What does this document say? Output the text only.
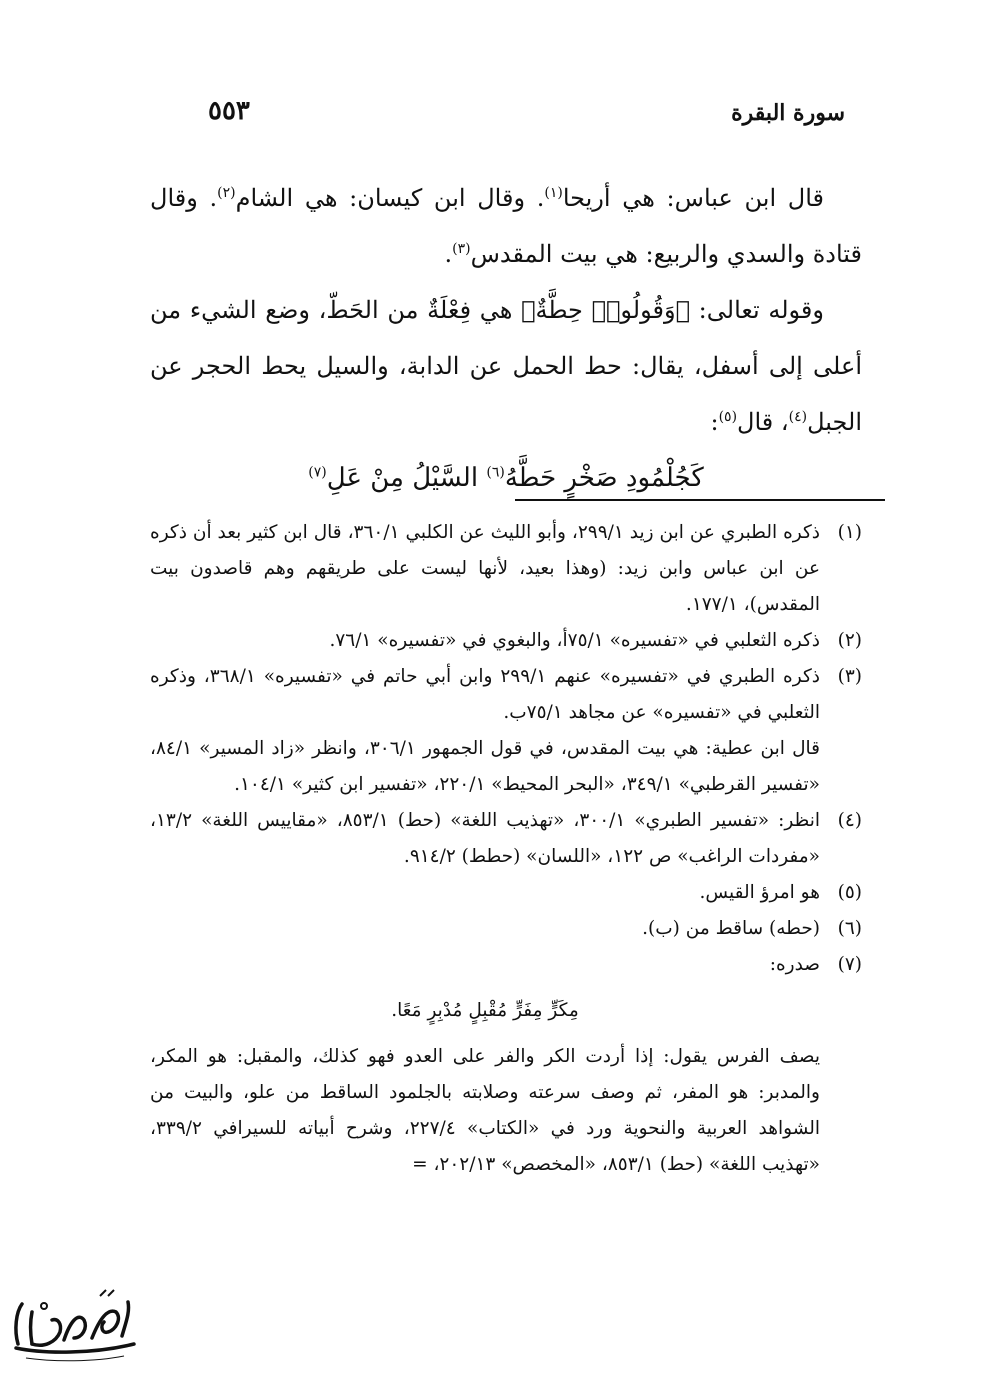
سورة البقرة
٥٥٣

قال ابن عباس: هي أريحا$^{(١)}$. وقال ابن كيسان: هي الشام$^{(٢)}$. وقال قتادة والسدي والربيع: هي بيت المقدس$^{(٣)}$.

وقوله تعالى: ﴿وَقُولُوا۟ حِطَّةٌ﴾ هي فِعْلَةٌ من الحَطّ، وضع الشيء من أعلى إلى أسفل، يقال: حط الحمل عن الدابة، والسيل يحط الحجر عن الجبل$^{(٤)}$، قال$^{(٥)}$:

كَجُلْمُودِ صَخْرٍ حَطَّهُ$^{(٦)}$ السَّيْلُ مِنْ عَلِ$^{(٧)}$

(١)
ذكره الطبري عن ابن زيد ٢٩٩/١، وأبو الليث عن الكلبي ٣٦٠/١، قال ابن كثير بعد أن ذكره عن ابن عباس وابن زيد: (وهذا بعيد، لأنها ليست على طريقهم وهم قاصدون بيت المقدس)، ١٧٧/١.
(٢)
ذكره الثعلبي في «تفسيره» ٧٥/١أ، والبغوي في «تفسيره» ٧٦/١.
(٣)
ذكره الطبري في «تفسيره» عنهم ٢٩٩/١ وابن أبي حاتم في «تفسيره» ٣٦٨/١، وذكره الثعلبي في «تفسيره» عن مجاهد ٧٥/١ب.
قال ابن عطية: هي بيت المقدس، في قول الجمهور ٣٠٦/١، وانظر «زاد المسير» ٨٤/١، «تفسير القرطبي» ٣٤٩/١، «البحر المحيط» ٢٢٠/١، «تفسير ابن كثير» ١٠٤/١.
(٤)
انظر: «تفسير الطبري» ٣٠٠/١، «تهذيب اللغة» (حط) ٨٥٣/١، «مقاييس اللغة» ١٣/٢، «مفردات الراغب» ص ١٢٢، «اللسان» (حطط) ٩١٤/٢.
(٥)
هو امرؤ القيس.
(٦)
(حطه) ساقط من (ب).
(٧)
صدره:
مِكَرٍّ مِفَرٍّ مُقْبِلٍ مُدْبِرٍ مَعًا.
يصف الفرس يقول: إذا أردت الكر والفر على العدو فهو كذلك، والمقبل: هو المكر، والمدبر: هو المفر، ثم وصف سرعته وصلابته بالجلمود الساقط من علو، والبيت من الشواهد العربية والنحوية ورد في «الكتاب» ٢٢٧/٤، وشرح أبياته للسيرافي ٣٣٩/٢، «تهذيب اللغة» (حط) ٨٥٣/١، «المخصص» ٢٠٢/١٣، =
